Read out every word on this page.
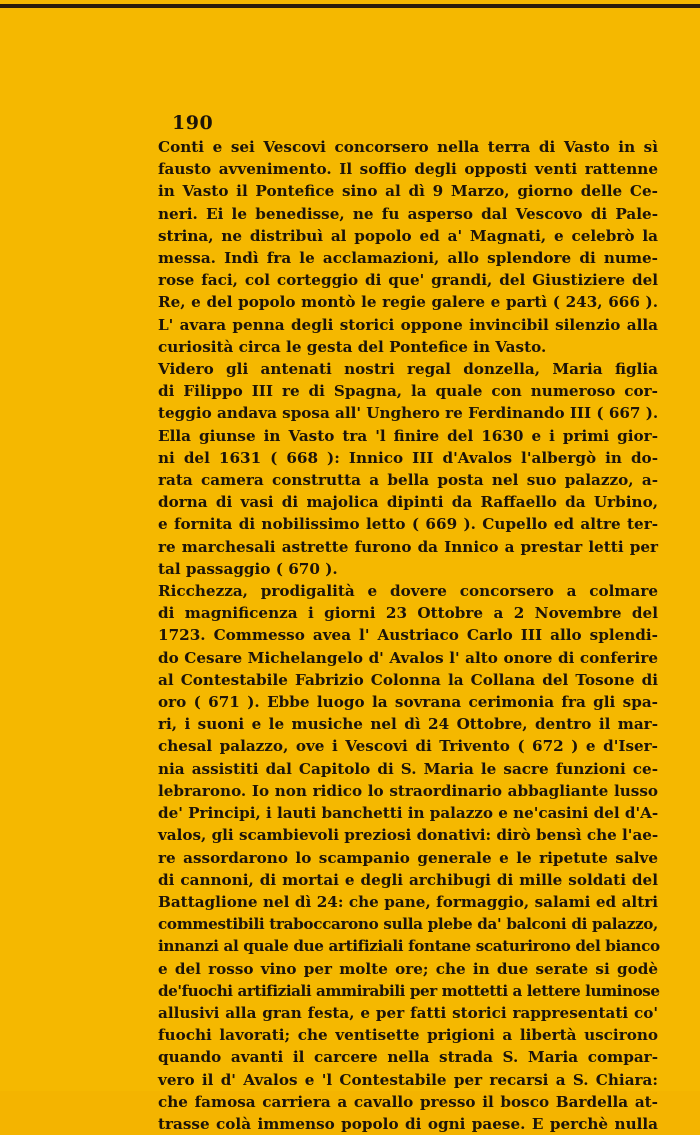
190
Conti e sei Vescovi concorsero nella terra di Vasto in sì
fausto avvenimento. Il soffio degli opposti venti rattenne
in Vasto il Pontefice sino al dì 9 Marzo, giorno delle Ce-
neri. Ei le benedisse, ne fu asperso dal Vescovo di Pale-
strina, ne distribuì al popolo ed a' Magnati, e celebrò la
messa. Indì fra le acclamazioni, allo splendore di nume-
rose faci, col corteggio di que' grandi, del Giustiziere del
Re, e del popolo montò le regie galere e partì ( 243, 666 ).
L' avara penna degli storici oppone invincibil silenzio alla
curiosità circa le gesta del Pontefice in Vasto.
Videro gli antenati nostri regal donzella, Maria figlia
di Filippo III re di Spagna, la quale con numeroso cor-
teggio andava sposa all' Unghero re Ferdinando III ( 667 ).
Ella giunse in Vasto tra 'l finire del 1630 e i primi gior-
ni del 1631 ( 668 ): Innico III d'Avalos l'albergò in do-
rata camera construtta a bella posta nel suo palazzo, a-
dorna di vasi di majolica dipinti da Raffaello da Urbino,
e fornita di nobilissimo letto ( 669 ). Cupello ed altre ter-
re marchesali astrette furono da Innico a prestar letti per
tal passaggio ( 670 ).
Ricchezza, prodigalità e dovere concorsero a colmare
di magnificenza i giorni 23 Ottobre a 2 Novembre del
1723. Commesso avea l' Austriaco Carlo III allo splendi-
do Cesare Michelangelo d' Avalos l' alto onore di conferire
al Contestabile Fabrizio Colonna la Collana del Tosone di
oro ( 671 ). Ebbe luogo la sovrana cerimonia fra gli spa-
ri, i suoni e le musiche nel dì 24 Ottobre, dentro il mar-
chesal palazzo, ove i Vescovi di Trivento ( 672 ) e d'Iser-
nia assistiti dal Capitolo di S. Maria le sacre funzioni ce-
lebrarono. Io non ridico lo straordinario abbagliante lusso
de' Principi, i lauti banchetti in palazzo e ne'casini del d'A-
valos, gli scambievoli preziosi donativi: dirò bensì che l'ae-
re assordarono lo scampanio generale e le ripetute salve
di cannoni, di mortai e degli archibugi di mille soldati del
Battaglione nel dì 24: che pane, formaggio, salami ed altri
commestibili traboccarono sulla plebe da' balconi di palazzo,
innanzi al quale due artifiziali fontane scaturirono del bianco
e del rosso vino per molte ore; che in due serate si godè
de'fuochi artifiziali ammirabili per mottetti a lettere luminose
allusivi alla gran festa, e per fatti storici rappresentati co'
fuochi lavorati; che ventisette prigioni a libertà uscirono
quando avanti il carcere nella strada S. Maria compar-
vero il d' Avalos e 'l Contestabile per recarsi a S. Chiara:
che famosa carriera a cavallo presso il bosco Bardella at-
trasse colà immenso popolo di ogni paese. E perchè nulla
